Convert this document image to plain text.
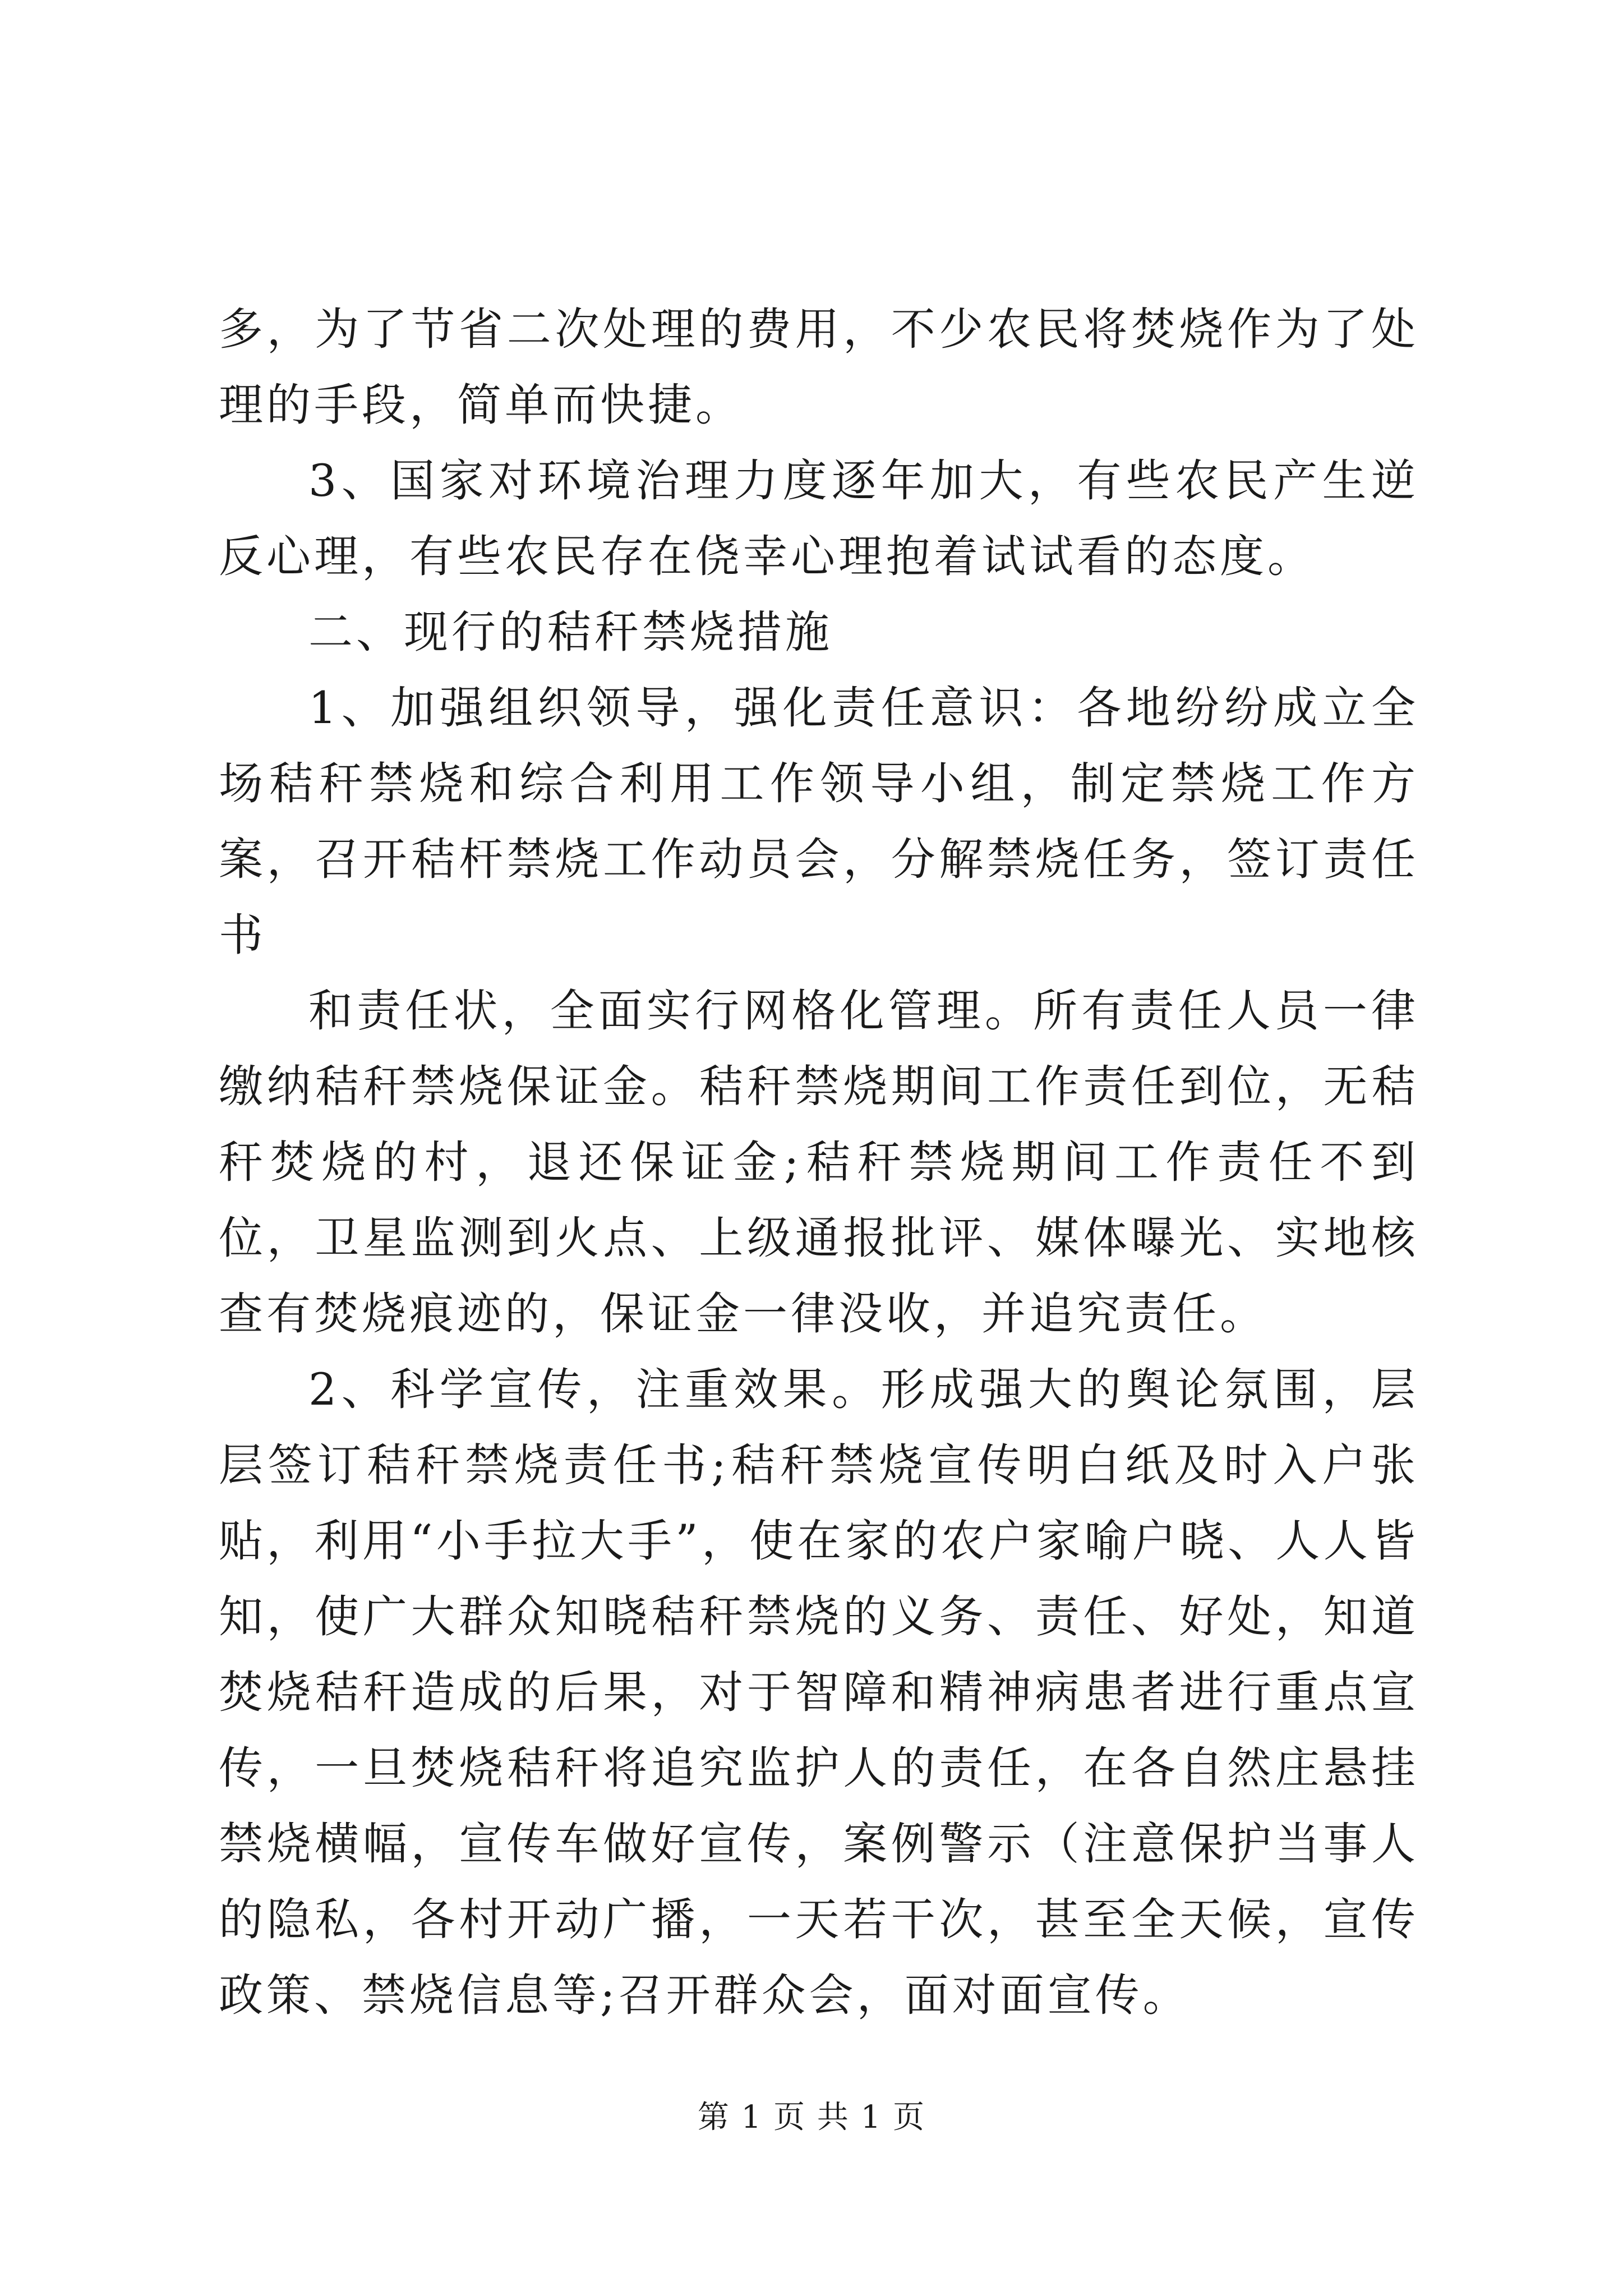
多，为了节省二次处理的费用，不少农民将焚烧作为了处理的手段，简单而快捷。

3、国家对环境治理力度逐年加大，有些农民产生逆反心理，有些农民存在侥幸心理抱着试试看的态度。

二、现行的秸秆禁烧措施

1、加强组织领导，强化责任意识：各地纷纷成立全场秸秆禁烧和综合利用工作领导小组，制定禁烧工作方案，召开秸杆禁烧工作动员会，分解禁烧任务，签订责任书

和责任状，全面实行网格化管理。所有责任人员一律缴纳秸秆禁烧保证金。秸秆禁烧期间工作责任到位，无秸秆焚烧的村，退还保证金;秸秆禁烧期间工作责任不到位，卫星监测到火点、上级通报批评、媒体曝光、实地核查有焚烧痕迹的，保证金一律没收，并追究责任。

2、科学宣传，注重效果。形成强大的舆论氛围，层层签订秸秆禁烧责任书;秸秆禁烧宣传明白纸及时入户张贴，利用“小手拉大手”，使在家的农户家喻户晓、人人皆知，使广大群众知晓秸秆禁烧的义务、责任、好处，知道焚烧秸秆造成的后果，对于智障和精神病患者进行重点宣传，一旦焚烧秸秆将追究监护人的责任，在各自然庄悬挂禁烧横幅，宣传车做好宣传，案例警示（注意保护当事人的隐私，各村开动广播，一天若干次，甚至全天候，宣传政策、禁烧信息等;召开群众会，面对面宣传。

第 1 页 共 1 页
